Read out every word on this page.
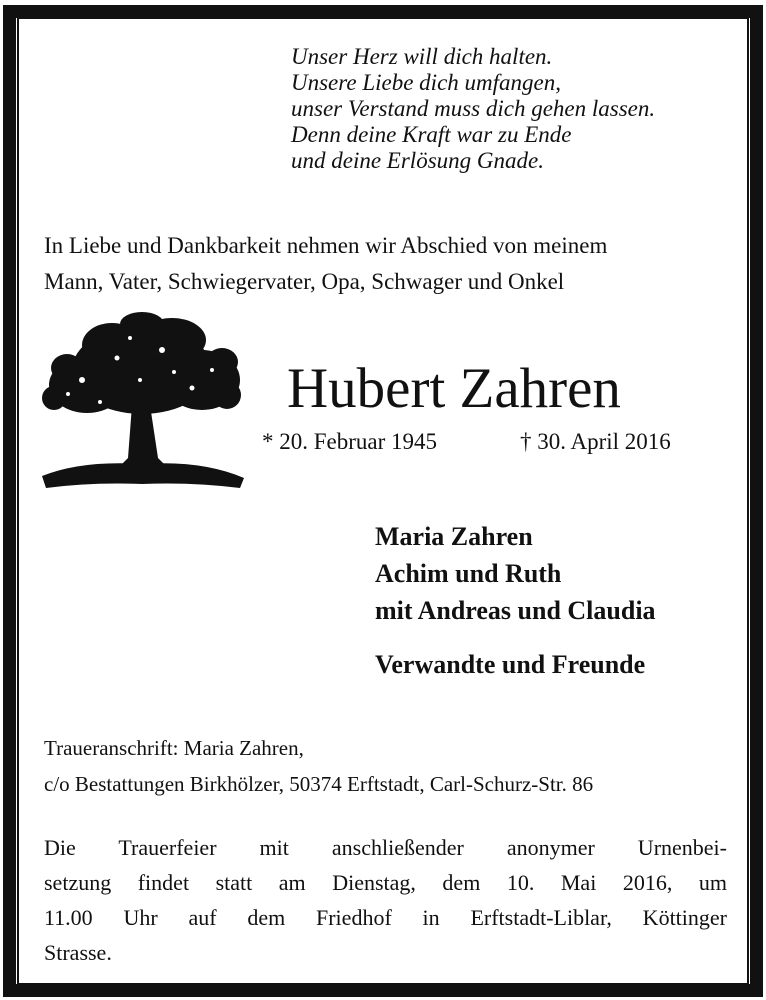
Unser Herz will dich halten.
Unsere Liebe dich umfangen,
unser Verstand muss dich gehen lassen.
Denn deine Kraft war zu Ende
und deine Erlösung Gnade.
In Liebe und Dankbarkeit nehmen wir Abschied von meinem
Mann, Vater, Schwiegervater, Opa, Schwager und Onkel
Hubert Zahren
* 20. Februar 1945	† 30. April 2016
Maria Zahren
Achim und Ruth
mit Andreas und Claudia
Verwandte und Freunde
Traueranschrift: Maria Zahren,
c/o Bestattungen Birkhölzer, 50374 Erftstadt, Carl-Schurz-Str. 86
Die Trauerfeier mit anschließender anonymer Urnenbei-
setzung findet statt am Dienstag, dem 10. Mai 2016, um
11.00 Uhr auf dem Friedhof in Erftstadt-Liblar, Köttinger
Strasse.
